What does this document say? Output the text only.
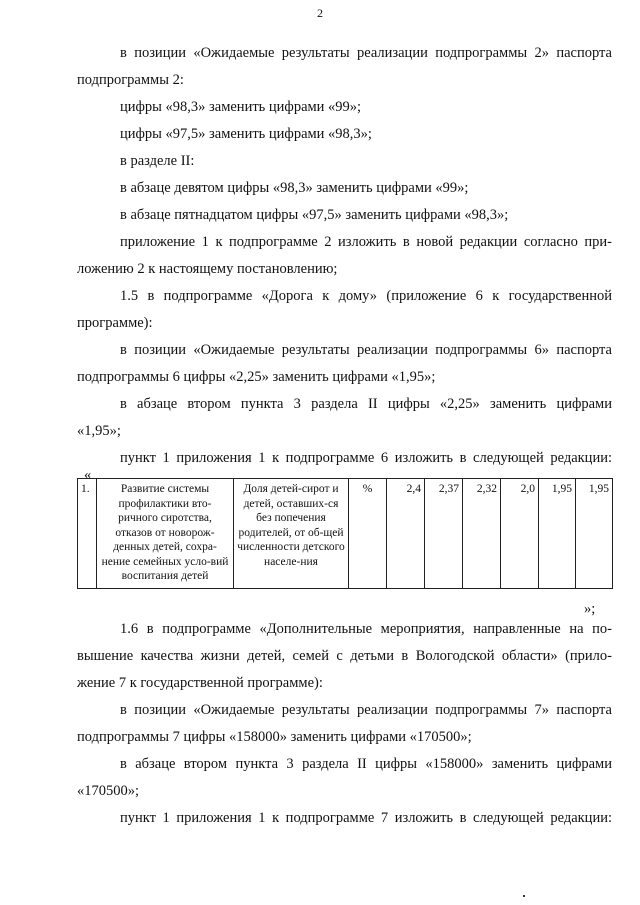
2
в позиции «Ожидаемые результаты реализации подпрограммы 2» паспорта
подпрограммы 2:
цифры «98,3» заменить цифрами «99»;
цифры «97,5» заменить цифрами «98,3»;
в разделе II:
в абзаце девятом цифры «98,3» заменить цифрами «99»;
в абзаце пятнадцатом цифры «97,5» заменить цифрами «98,3»;
приложение 1 к подпрограмме 2 изложить в новой редакции согласно при-
ложению 2 к настоящему постановлению;
1.5 в подпрограмме «Дорога к дому» (приложение 6 к государственной
программе):
в позиции «Ожидаемые результаты реализации подпрограммы 6» паспорта
подпрограммы 6 цифры «2,25» заменить цифрами «1,95»;
в абзаце втором пункта 3 раздела II цифры «2,25» заменить цифрами
«1,95»;
пункт 1 приложения 1 к подпрограмме 6 изложить в следующей редакции:
«
1.	Развитие системы профилактики вто-ричного сиротства, отказов от новорож-денных детей, сохра-нение семейных усло-вий воспитания детей	Доля детей-сирот и детей, оставших-ся без попечения родителей, от об-щей численности детского населе-ния	%	2,4	2,37	2,32	2,0	1,95	1,95
»;
1.6 в подпрограмме «Дополнительные мероприятия, направленные на по-
вышение качества жизни детей, семей с детьми в Вологодской области» (прило-
жение 7 к государственной программе):
в позиции «Ожидаемые результаты реализации подпрограммы 7» паспорта
подпрограммы 7 цифры «158000» заменить цифрами «170500»;
в абзаце втором пункта 3 раздела II цифры «158000» заменить цифрами
«170500»;
пункт 1 приложения 1 к подпрограмме 7 изложить в следующей редакции:
